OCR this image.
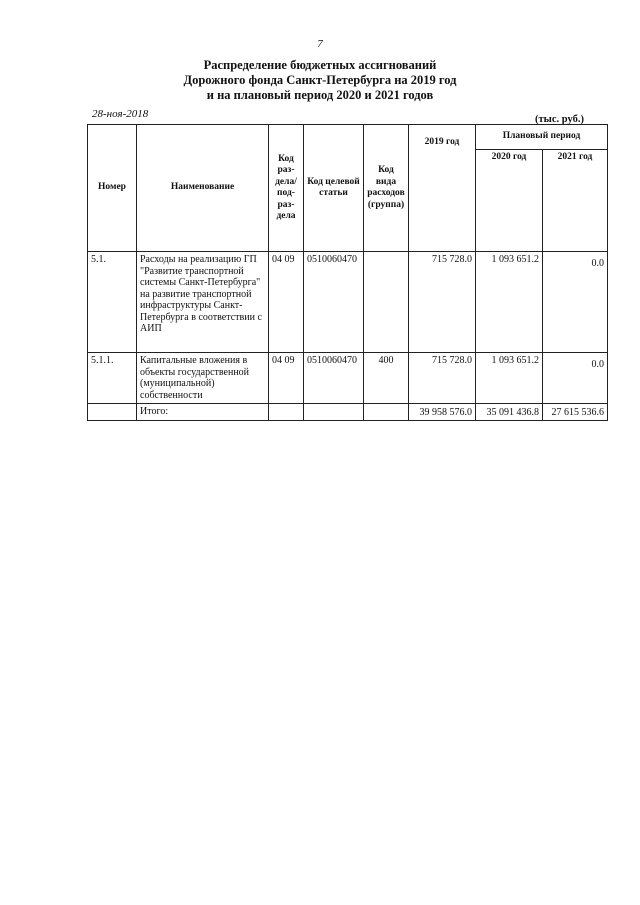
7
Распределение бюджетных ассигнований
Дорожного фонда Санкт-Петербурга на 2019 год
и на плановый период 2020 и 2021 годов
28-ноя-2018	(тыс. руб.)
Номер	Наименование	Код раз-дела/ под-раз-дела	Код целевой статьи	Код вида расходов (группа)	2019 год	Плановый период	
						2020 год	2021 год
5.1.	Расходы на реализацию ГП "Развитие транспортной системы Санкт-Петербурга" на развитие транспортной инфраструктуры Санкт-Петербурга в соответствии с АИП	04 09	0510060470		715 728.0	1 093 651.2	0.0
5.1.1.	Капитальные вложения в объекты государственной (муниципальной) собственности	04 09	0510060470	400	715 728.0	1 093 651.2	0.0
	Итого:				39 958 576.0	35 091 436.8	27 615 536.6
